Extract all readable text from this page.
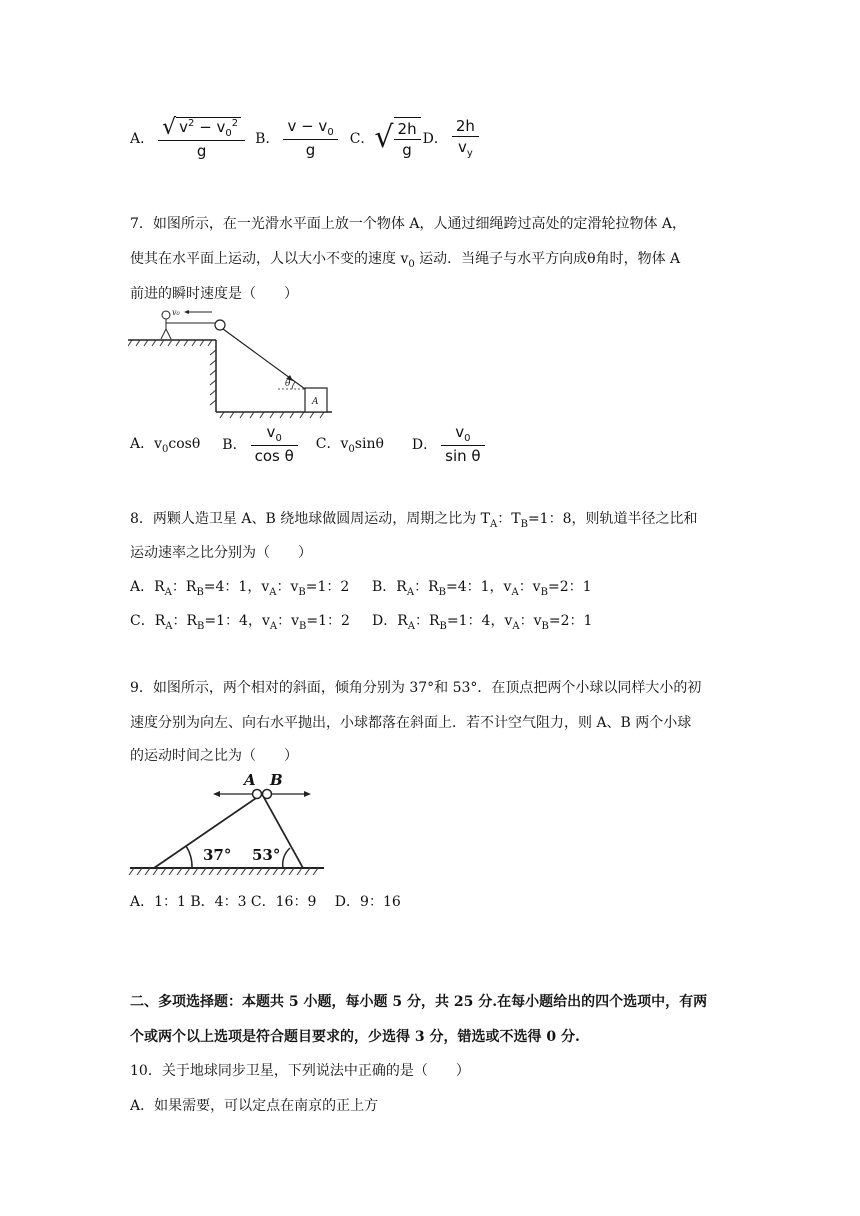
A． $\frac{√ v^2 - v_0^2}{g}$ B． $\frac{v - v_0}{g}$ C． √ $\frac{2h}{g}$ D． $\frac{2h}{v_y}$
7．如图所示，在一光滑水平面上放一个物体 A，人通过细绳跨过高处的定滑轮拉物体 A，
使其在水平面上运动，人以大小不变的速度 $v_0$ 运动．当绳子与水平方向成θ角时，物体 A
前进的瞬时速度是（　　）
v₀
θ
A
A．$v_0\cos\theta$ B． $\frac{v_0}{\text{cos θ}}$ C．$v_0\sin\theta$ D． $\frac{v_0}{\text{sin θ}}$
8．两颗人造卫星 A、B 绕地球做圆周运动，周期之比为 $T_A$：$T_B=1$：8，则轨道半径之比和
运动速率之比分别为（　　）
A．$R_A$：$R_B=4$：1，$v_A$：$v_B=1$：2 B．$R_A$：$R_B=4$：1，$v_A$：$v_B=2$：1
C．$R_A$：$R_B=1$：4，$v_A$：$v_B=1$：2 D．$R_A$：$R_B=1$：4，$v_A$：$v_B=2$：1
9．如图所示，两个相对的斜面，倾角分别为 37°和 53°．在顶点把两个小球以同样大小的初
速度分别为向左、向右水平抛出，小球都落在斜面上．若不计空气阻力，则 A、B 两个小球
的运动时间之比为（　　）
37° 53°
A B
A．1：1 B．4：3 C．16：9　 D．9：16
二、多项选择题：本题共 5 小题，每小题 5 分，共 25 分.在每小题给出的四个选项中，有两
个或两个以上选项是符合题目要求的，少选得 3 分，错选或不选得 0 分.
10．关于地球同步卫星，下列说法中正确的是（　　）
A．如果需要，可以定点在南京的正上方
